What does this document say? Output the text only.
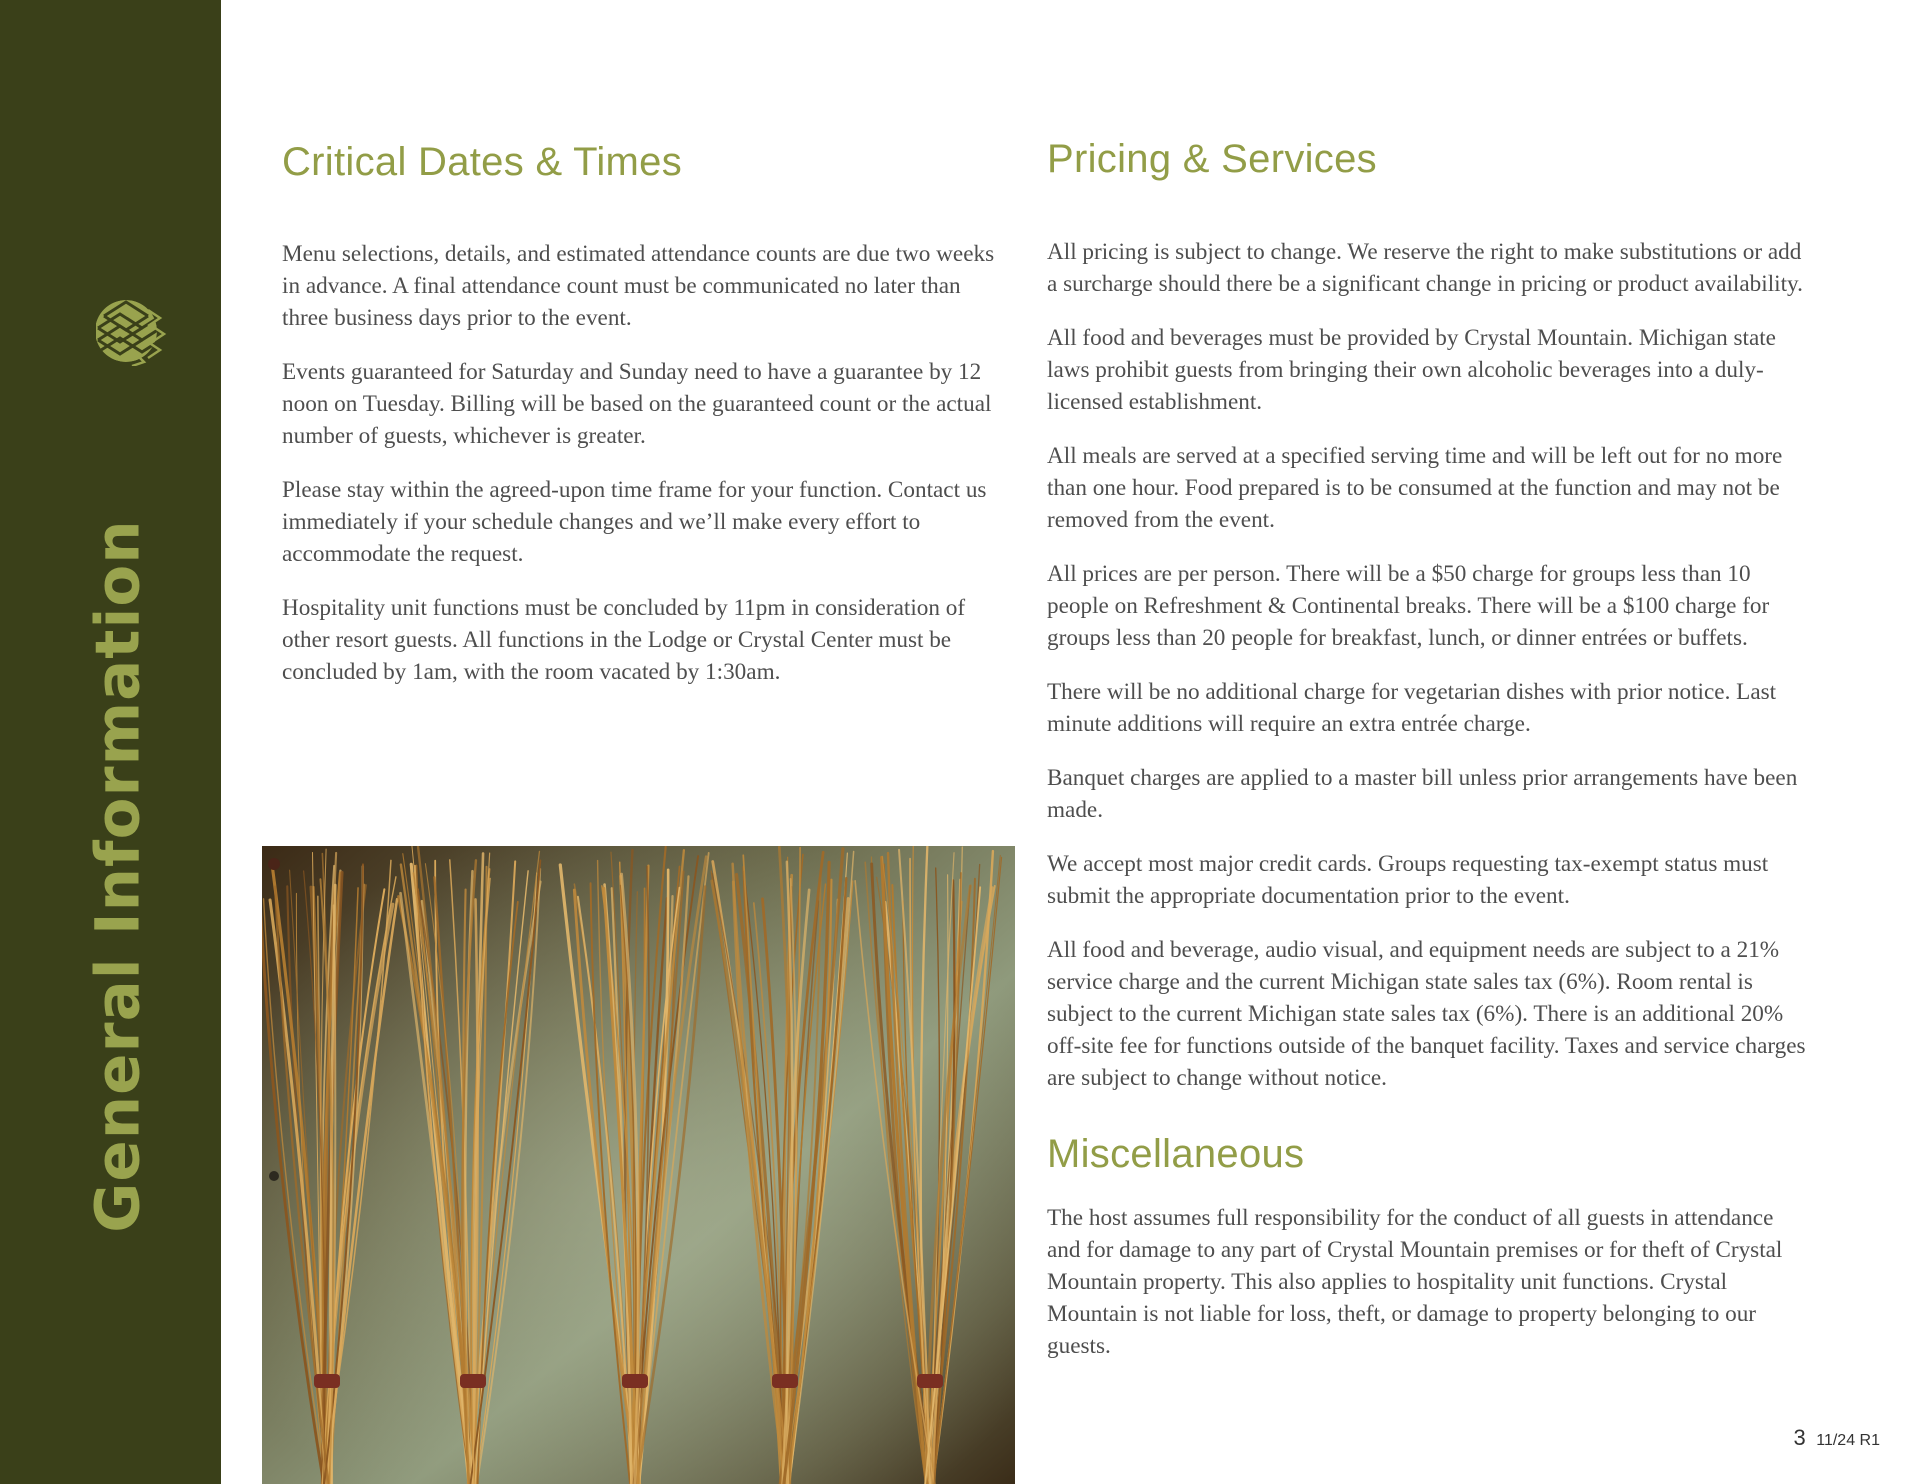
General Information
Critical Dates & Times

Menu selections, details, and estimated attendance counts are due two weeks in advance. A final attendance count must be communicated no later than three business days prior to the event.

Events guaranteed for Saturday and Sunday need to have a guarantee by 12 noon on Tuesday. Billing will be based on the guaranteed count or the actual number of guests, whichever is greater.

Please stay within the agreed-upon time frame for your function. Contact us immediately if your schedule changes and we’ll make every effort to accommodate the request.

Hospitality unit functions must be concluded by 11pm in consideration of other resort guests. All functions in the Lodge or Crystal Center must be concluded by 1am, with the room vacated by 1:30am.

Pricing & Services

All pricing is subject to change. We reserve the right to make substitutions or add a surcharge should there be a significant change in pricing or product availability.

All food and beverages must be provided by Crystal Mountain. Michigan state laws prohibit guests from bringing their own alcoholic beverages into a duly-licensed establishment.

All meals are served at a specified serving time and will be left out for no more than one hour. Food prepared is to be consumed at the function and may not be removed from the event.

All prices are per person. There will be a $50 charge for groups less than 10 people on Refreshment & Continental breaks. There will be a $100 charge for groups less than 20 people for breakfast, lunch, or dinner entrées or buffets.

There will be no additional charge for vegetarian dishes with prior notice. Last minute additions will require an extra entrée charge.

Banquet charges are applied to a master bill unless prior arrangements have been made.

We accept most major credit cards. Groups requesting tax-exempt status must submit the appropriate documentation prior to the event.

All food and beverage, audio visual, and equipment needs are subject to a 21% service charge and the current Michigan state sales tax (6%). Room rental is subject to the current Michigan state sales tax (6%). There is an additional 20% off-site fee for functions outside of the banquet facility. Taxes and service charges are subject to change without notice.

Miscellaneous

The host assumes full responsibility for the conduct of all guests in attendance and for damage to any part of Crystal Mountain premises or for theft of Crystal Mountain property. This also applies to hospitality unit functions. Crystal Mountain is not liable for loss, theft, or damage to property belonging to our guests.

3 11/24 R1
